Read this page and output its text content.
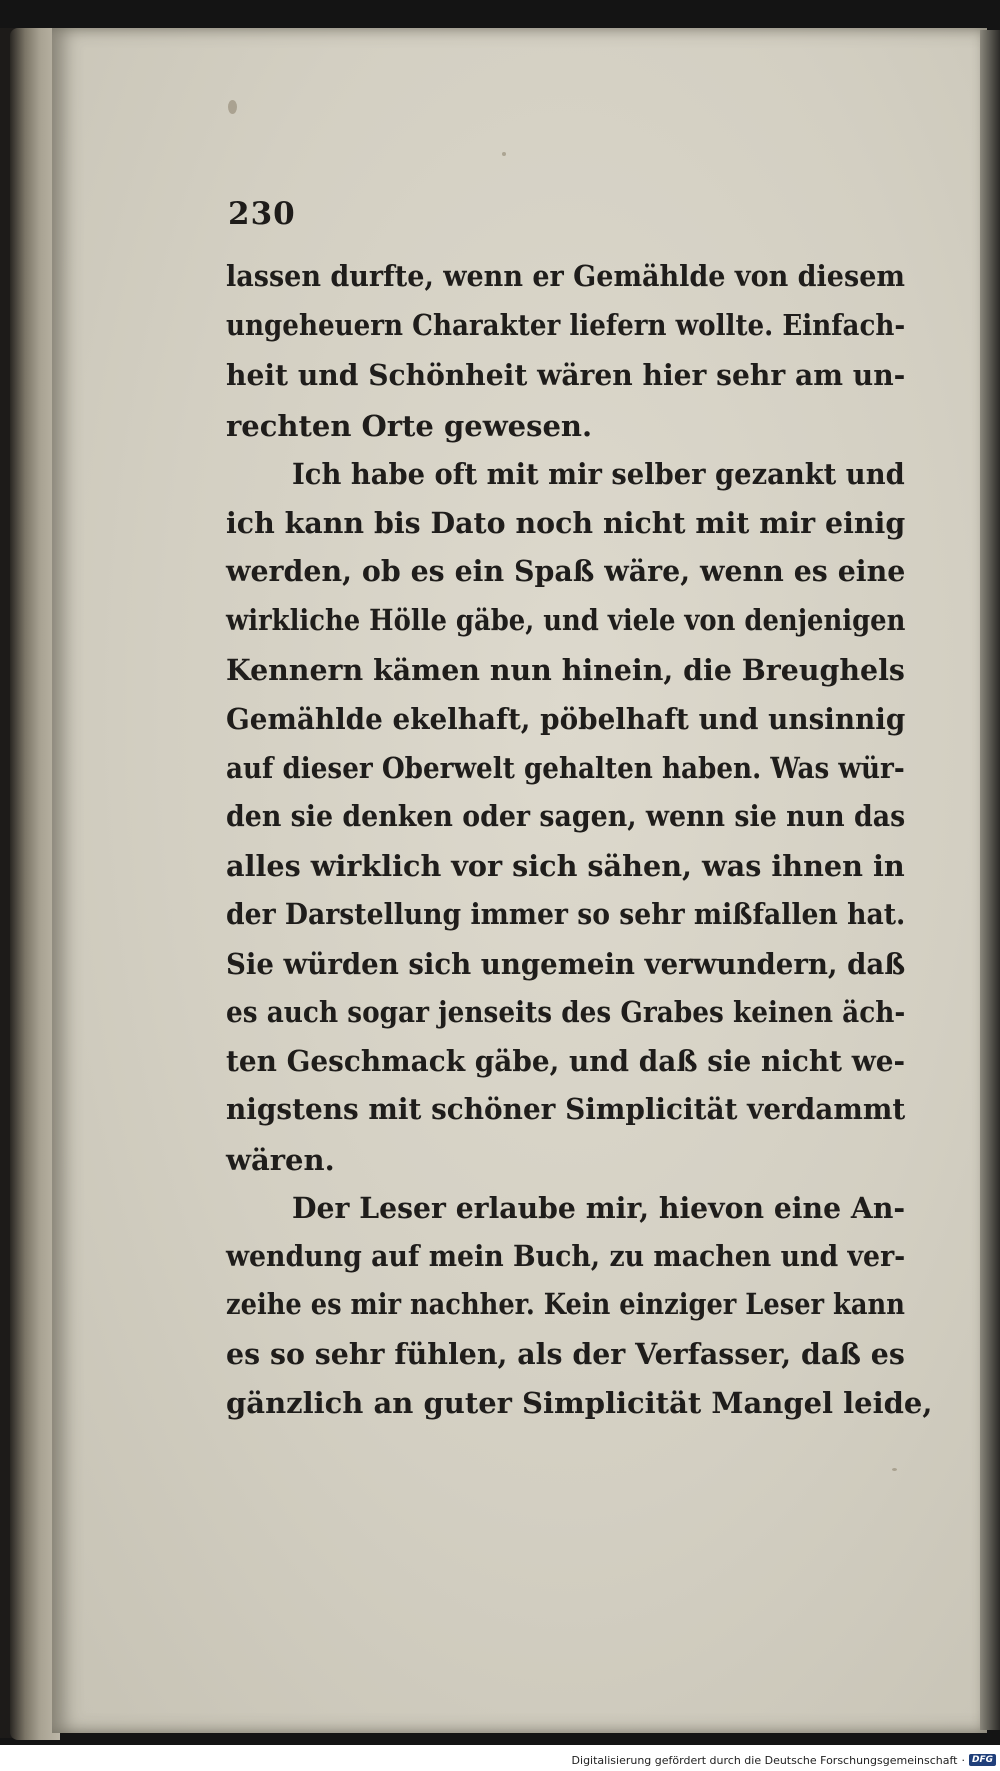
230

lassen durfte, wenn er Gemählde von diesem

ungeheuern Charakter liefern wollte. Einfach-

heit und Schönheit wären hier sehr am un-

rechten Orte gewesen.

Ich habe oft mit mir selber gezankt und

ich kann bis Dato noch nicht mit mir einig

werden, ob es ein Spaß wäre, wenn es eine

wirkliche Hölle gäbe, und viele von denjenigen

Kennern kämen nun hinein, die Breughels

Gemählde ekelhaft, pöbelhaft und unsinnig

auf dieser Oberwelt gehalten haben. Was wür-

den sie denken oder sagen, wenn sie nun das

alles wirklich vor sich sähen, was ihnen in

der Darstellung immer so sehr mißfallen hat.

Sie würden sich ungemein verwundern, daß

es auch sogar jenseits des Grabes keinen äch-

ten Geschmack gäbe, und daß sie nicht we-

nigstens mit schöner Simplicität verdammt

wären.

Der Leser erlaube mir, hievon eine An-

wendung auf mein Buch, zu machen und ver-

zeihe es mir nachher. Kein einziger Leser kann

es so sehr fühlen, als der Verfasser, daß es

gänzlich an guter Simplicität Mangel leide,

Digitalisierung gefördert durch die Deutsche Forschungsgemeinschaft · DFG
